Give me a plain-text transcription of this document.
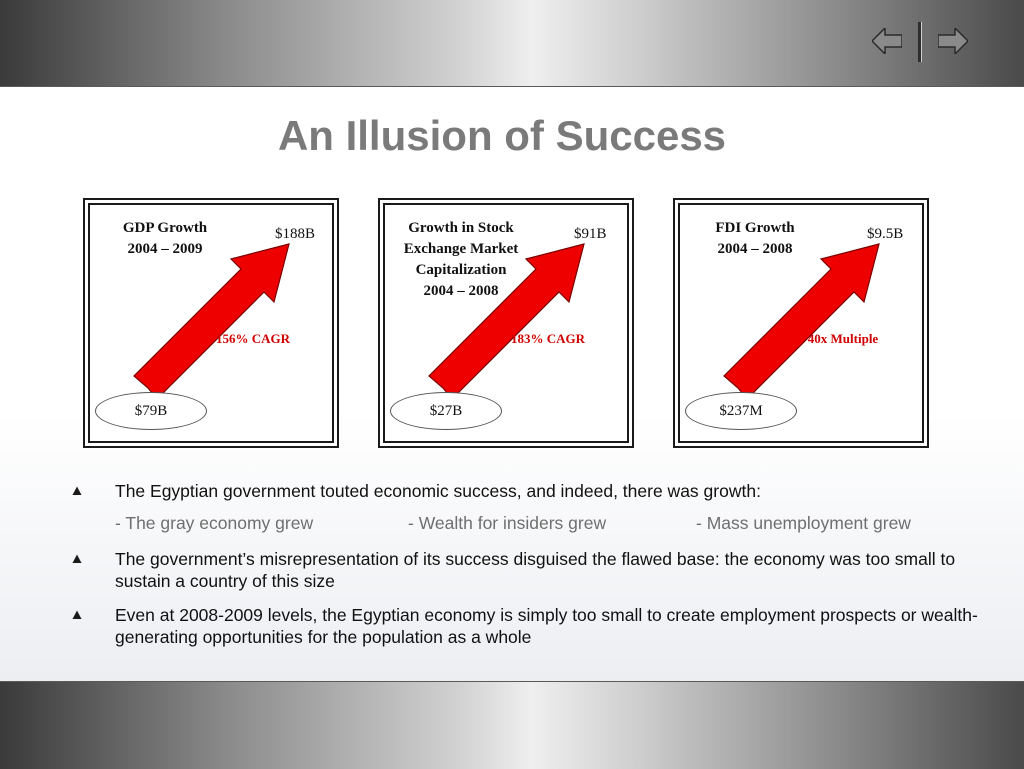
An Illusion of Success
GDP Growth
2004 – 2009
$188B
156% CAGR
$79B
Growth in Stock
Exchange Market
Capitalization
2004 – 2008
$91B
183% CAGR
$27B
FDI Growth
2004 – 2008
$9.5B
40x Multiple
$237M
The Egyptian government touted economic success, and indeed, there was growth:
- The gray economy grew	- Wealth for insiders grew	- Mass unemployment grew
The government’s misrepresentation of its success disguised the flawed base: the economy was too small to sustain a country of this size
Even at 2008-2009 levels, the Egyptian economy is simply too small to create employment prospects or wealth-generating opportunities for the population as a whole
